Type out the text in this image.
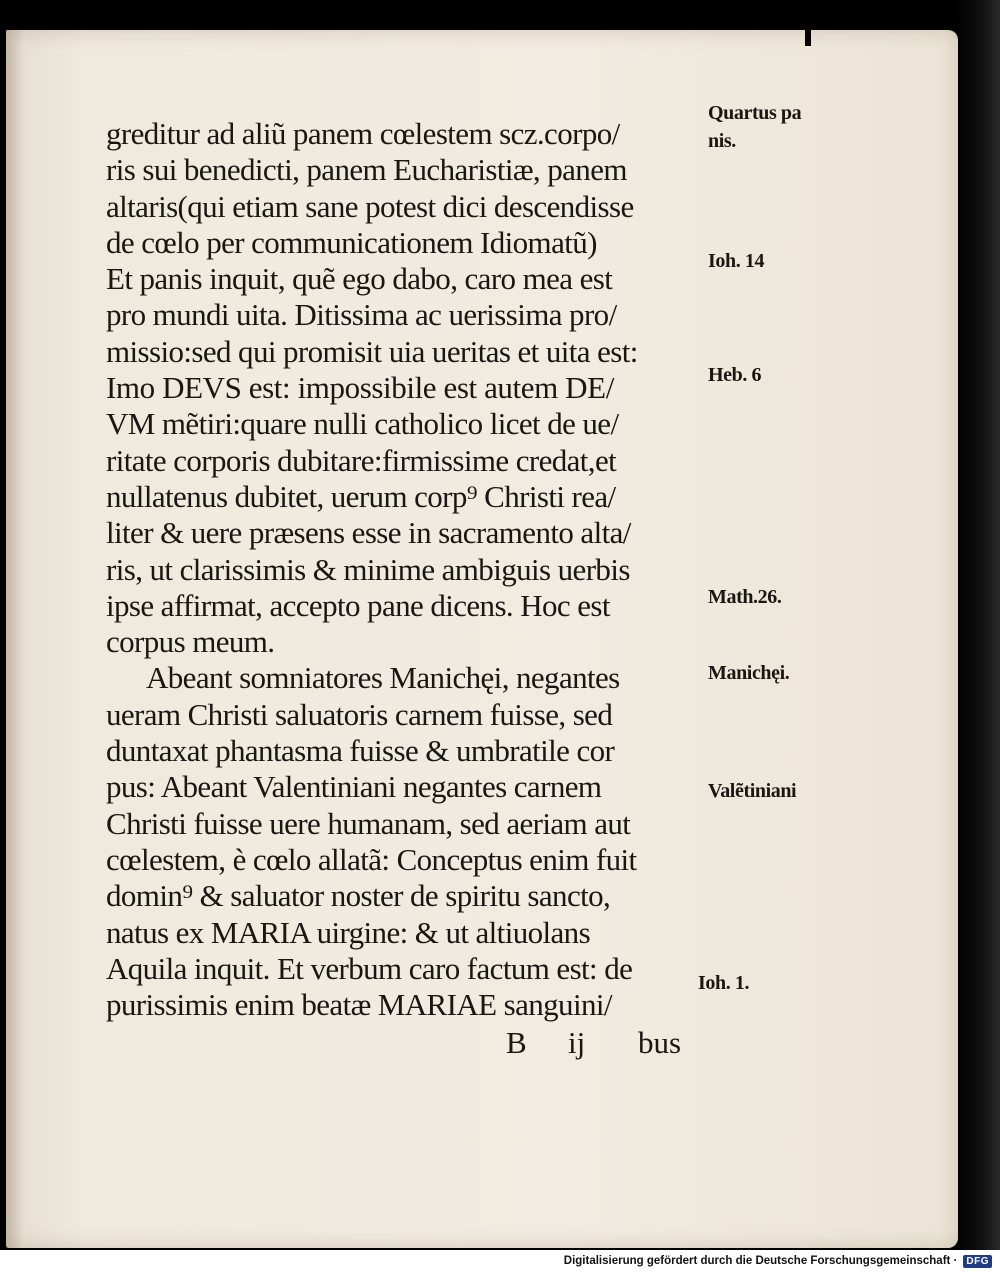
greditur ad aliũ panem cœlestem scz.corpo/
ris sui benedicti, panem Eucharistiæ, panem
altaris(qui etiam sane potest dici descendisse
de cœlo per communicationem Idiomatũ)
Et panis inquit, quẽ ego dabo, caro mea est
pro mundi uita. Ditissima ac uerissima pro/
missio:sed qui promisit uia ueritas et uita est:
Imo DEVS est: impossibile est autem DE/
VM mẽtiri:quare nulli catholico licet de ue/
ritate corporis dubitare:firmissime credat,et
nullatenus dubitet, uerum corp⁹ Christi rea/
liter & uere præsens esse in sacramento alta/
ris, ut clarissimis & minime ambiguis uerbis
ipse affirmat, accepto pane dicens. Hoc est
corpus meum.
Abeant somniatores Manichęi, negantes
ueram Christi saluatoris carnem fuisse, sed
duntaxat phantasma fuisse & umbratile cor
pus: Abeant Valentiniani negantes carnem
Christi fuisse uere humanam, sed aeriam aut
cœlestem, è cœlo allatã: Conceptus enim fuit
domin⁹ & saluator noster de spiritu sancto,
natus ex MARIA uirgine: & ut altiuolans
Aquila inquit. Et verbum caro factum est: de
purissimis enim beatæ MARIAE sanguini/
B ij bus
Quartus pa
nis.
Ioh. 14
Heb. 6
Math.26.
Manichęi.
Valẽtiniani
Ioh. 1.
Digitalisierung gefördert durch die Deutsche Forschungsgemeinschaft · DFG
